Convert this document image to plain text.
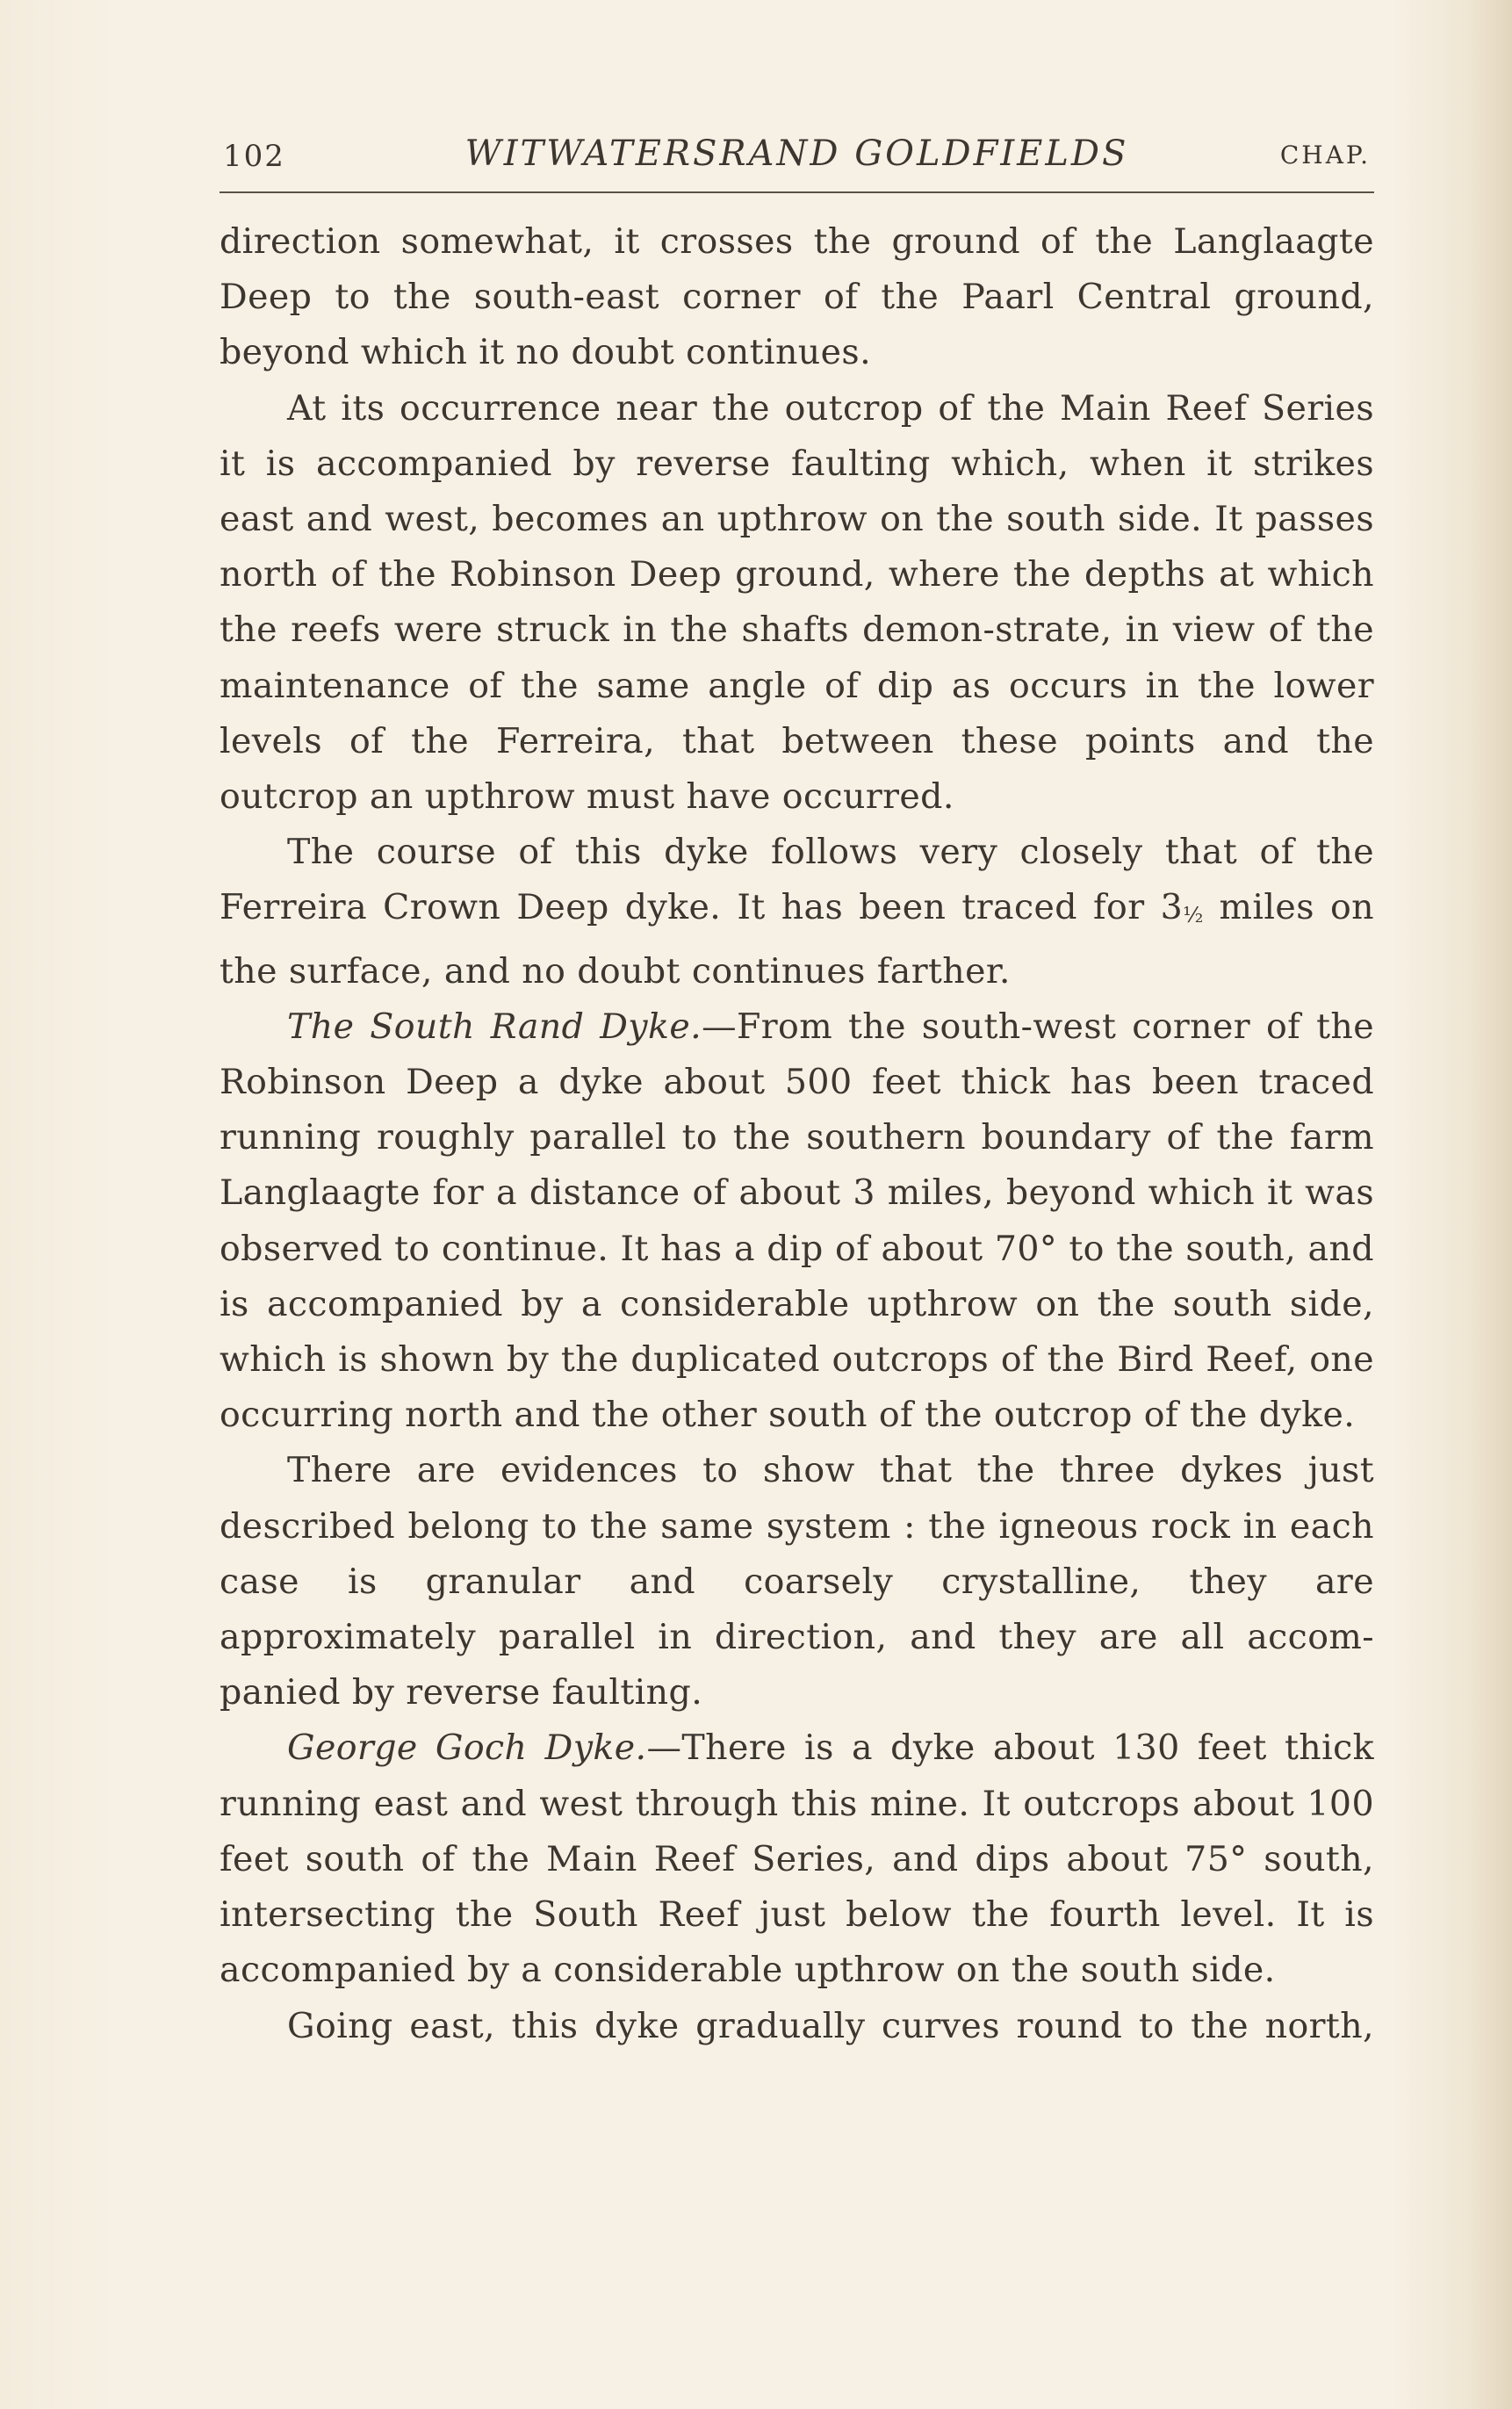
102	WITWATERSRAND GOLDFIELDS	CHAP.

direction somewhat, it crosses the ground of the Langlaagte Deep to the south-east corner of the Paarl Central ground, beyond which it no doubt continues.

At its occurrence near the outcrop of the Main Reef Series it is accompanied by reverse faulting which, when it strikes east and west, becomes an upthrow on the south side. It passes north of the Robinson Deep ground, where the depths at which the reefs were struck in the shafts demon-strate, in view of the maintenance of the same angle of dip as occurs in the lower levels of the Ferreira, that between these points and the outcrop an upthrow must have occurred.

The course of this dyke follows very closely that of the Ferreira Crown Deep dyke. It has been traced for 3½ miles on the surface, and no doubt continues farther.

The South Rand Dyke.—From the south-west corner of the Robinson Deep a dyke about 500 feet thick has been traced running roughly parallel to the southern boundary of the farm Langlaagte for a distance of about 3 miles, beyond which it was observed to continue. It has a dip of about 70° to the south, and is accompanied by a considerable upthrow on the south side, which is shown by the duplicated outcrops of the Bird Reef, one occurring north and the other south of the outcrop of the dyke.

There are evidences to show that the three dykes just described belong to the same system : the igneous rock in each case is granular and coarsely crystalline, they are approximately parallel in direction, and they are all accom-panied by reverse faulting.

George Goch Dyke.—There is a dyke about 130 feet thick running east and west through this mine. It outcrops about 100 feet south of the Main Reef Series, and dips about 75° south, intersecting the South Reef just below the fourth level. It is accompanied by a considerable upthrow on the south side.

Going east, this dyke gradually curves round to the north,
